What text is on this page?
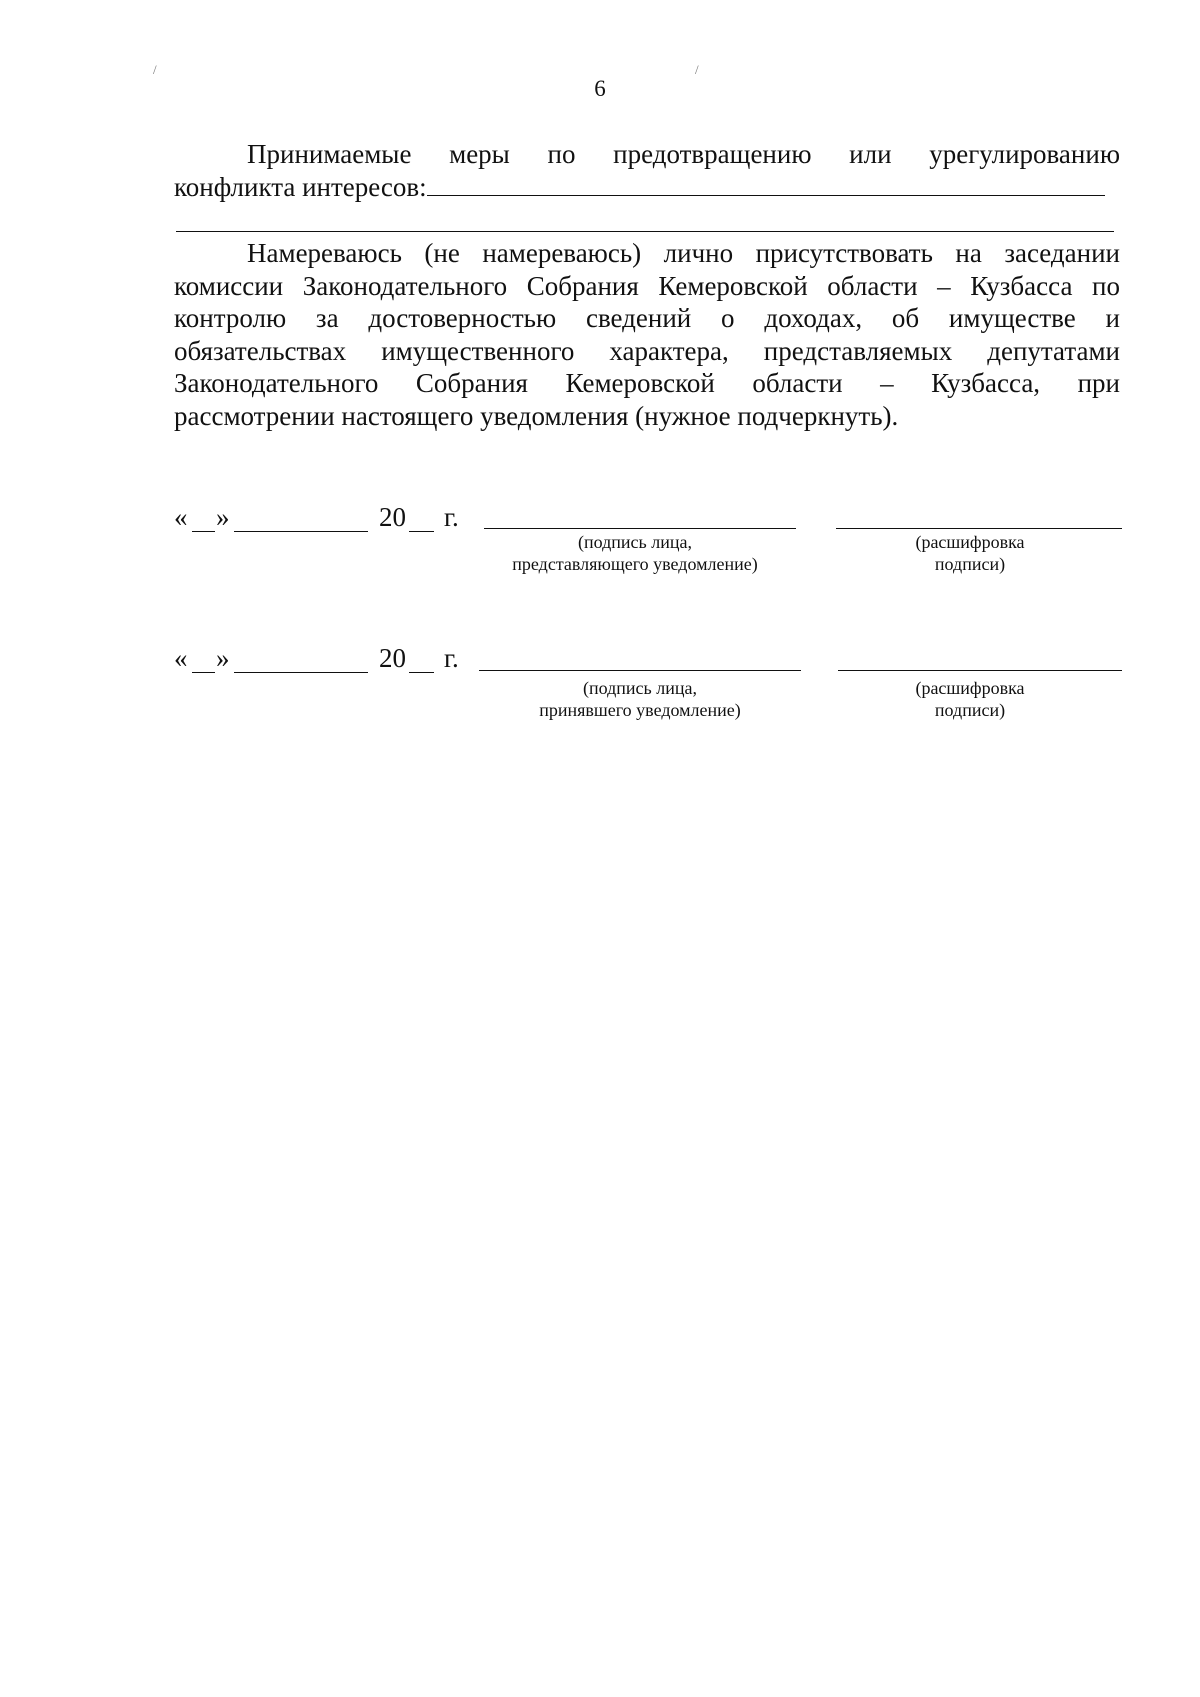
6
/	/
Принимаемые меры по предотвращению или урегулированию
конфликта интересов:
Намереваюсь (не намереваюсь) лично присутствовать на заседании
комиссии Законодательного Собрания Кемеровской области – Кузбасса по
контролю за достоверностью сведений о доходах, об имуществе и
обязательствах имущественного характера, представляемых депутатами
Законодательного Собрания Кемеровской области – Кузбасса, при
рассмотрении настоящего уведомления (нужное подчеркнуть).
« »	20 г.
(подпись лица,
представляющего уведомление)
(расшифровка
подписи)
« »	20 г.
(подпись лица,
принявшего уведомление)
(расшифровка
подписи)
